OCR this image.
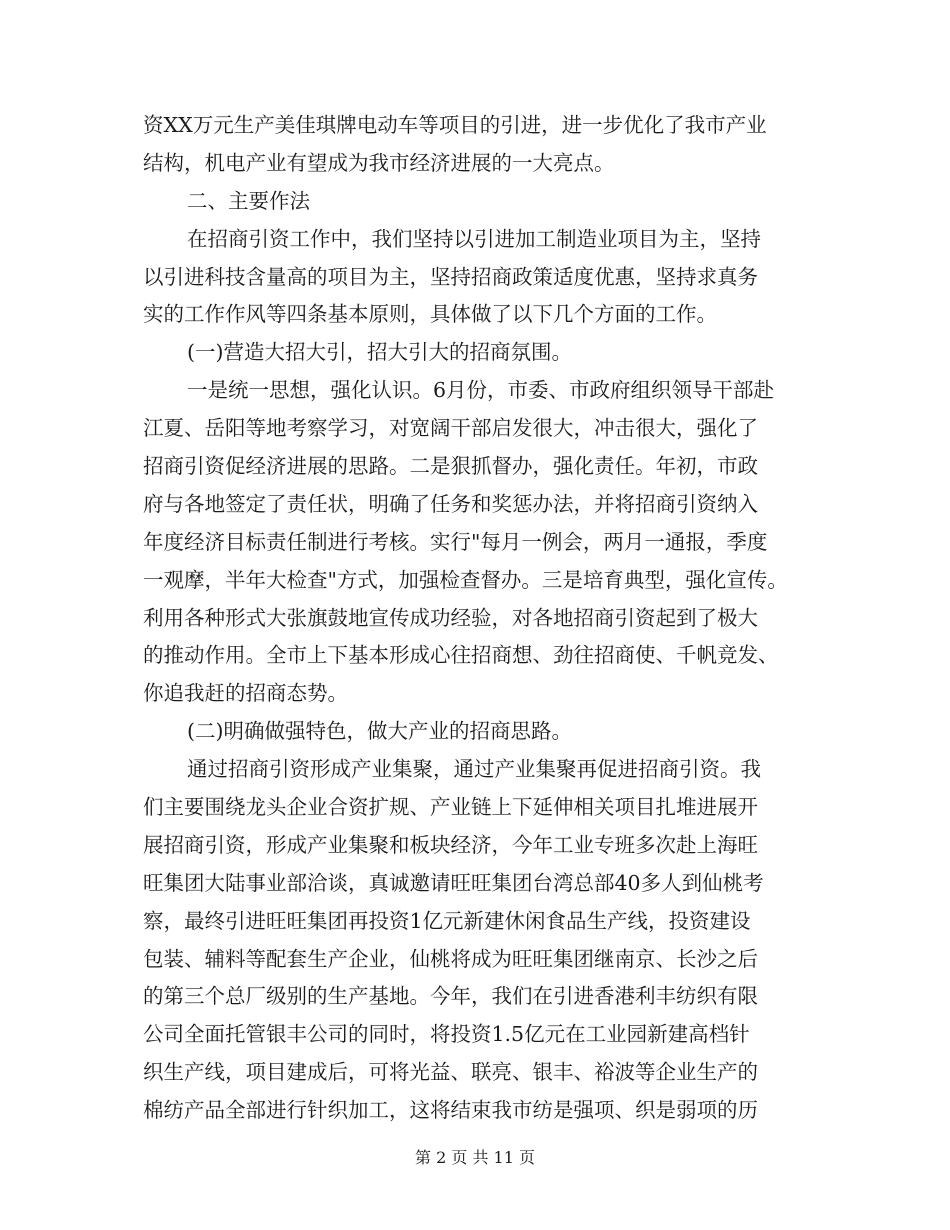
资XX万元生产美佳琪牌电动车等项目的引进，进一步优化了我市产业
结构，机电产业有望成为我市经济进展的一大亮点。
二、主要作法
在招商引资工作中，我们坚持以引进加工制造业项目为主，坚持
以引进科技含量高的项目为主，坚持招商政策适度优惠，坚持求真务
实的工作作风等四条基本原则，具体做了以下几个方面的工作。
(一)营造大招大引，招大引大的招商氛围。
一是统一思想，强化认识。6月份，市委、市政府组织领导干部赴
江夏、岳阳等地考察学习，对宽阔干部启发很大，冲击很大，强化了
招商引资促经济进展的思路。二是狠抓督办，强化责任。年初，市政
府与各地签定了责任状，明确了任务和奖惩办法，并将招商引资纳入
年度经济目标责任制进行考核。实行"每月一例会，两月一通报，季度
一观摩，半年大检查"方式，加强检查督办。三是培育典型，强化宣传。
利用各种形式大张旗鼓地宣传成功经验，对各地招商引资起到了极大
的推动作用。全市上下基本形成心往招商想、劲往招商使、千帆竞发、
你追我赶的招商态势。
(二)明确做强特色，做大产业的招商思路。
通过招商引资形成产业集聚，通过产业集聚再促进招商引资。我
们主要围绕龙头企业合资扩规、产业链上下延伸相关项目扎堆进展开
展招商引资，形成产业集聚和板块经济，今年工业专班多次赴上海旺
旺集团大陆事业部洽谈，真诚邀请旺旺集团台湾总部40多人到仙桃考
察，最终引进旺旺集团再投资1亿元新建休闲食品生产线，投资建设
包装、辅料等配套生产企业，仙桃将成为旺旺集团继南京、长沙之后
的第三个总厂级别的生产基地。今年，我们在引进香港利丰纺织有限
公司全面托管银丰公司的同时，将投资1.5亿元在工业园新建高档针
织生产线，项目建成后，可将光益、联亮、银丰、裕波等企业生产的
棉纺产品全部进行针织加工，这将结束我市纺是强项、织是弱项的历
第 2 页 共 11 页
